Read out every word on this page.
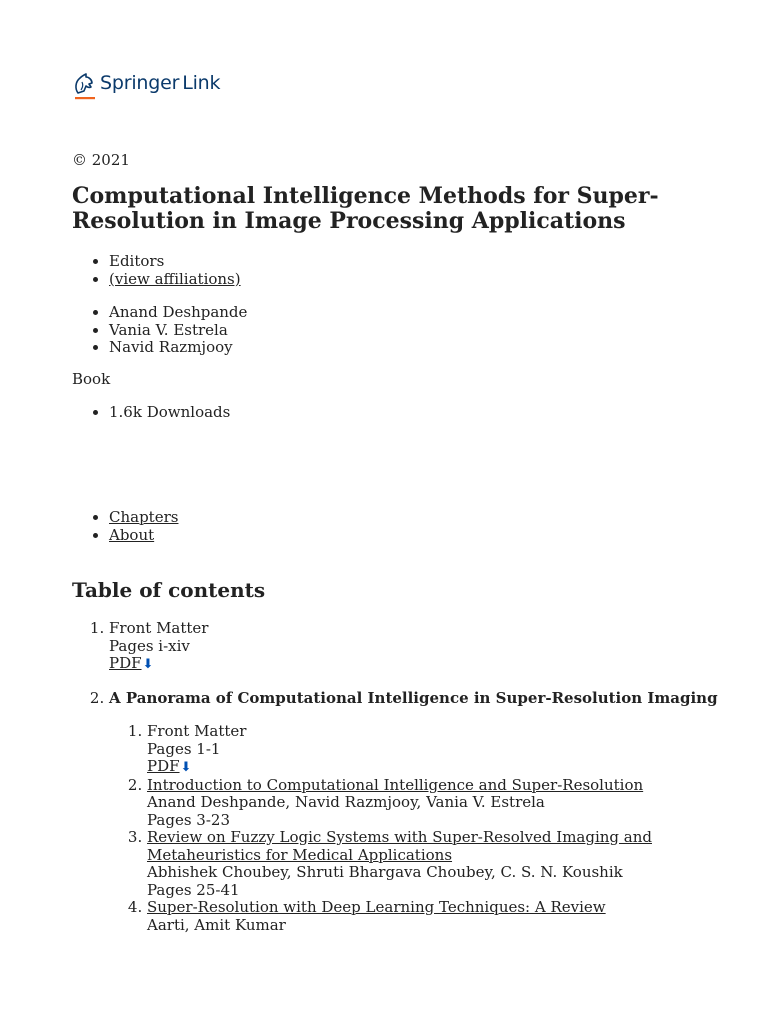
Springer Link
© 2021
Computational Intelligence Methods for Super-Resolution in Image Processing Applications
• Editors
• (view affiliations)
• Anand Deshpande
• Vania V. Estrela
• Navid Razmjooy
Book
• 1.6k Downloads
• Chapters
• About
Table of contents
1. Front Matter
Pages i-xiv
PDF⬇
2. A Panorama of Computational Intelligence in Super-Resolution Imaging
1. Front Matter
Pages 1-1
PDF⬇
2. Introduction to Computational Intelligence and Super-Resolution
Anand Deshpande, Navid Razmjooy, Vania V. Estrela
Pages 3-23
3. Review on Fuzzy Logic Systems with Super-Resolved Imaging and Metaheuristics for Medical Applications
Abhishek Choubey, Shruti Bhargava Choubey, C. S. N. Koushik
Pages 25-41
4. Super-Resolution with Deep Learning Techniques: A Review
Aarti, Amit Kumar
